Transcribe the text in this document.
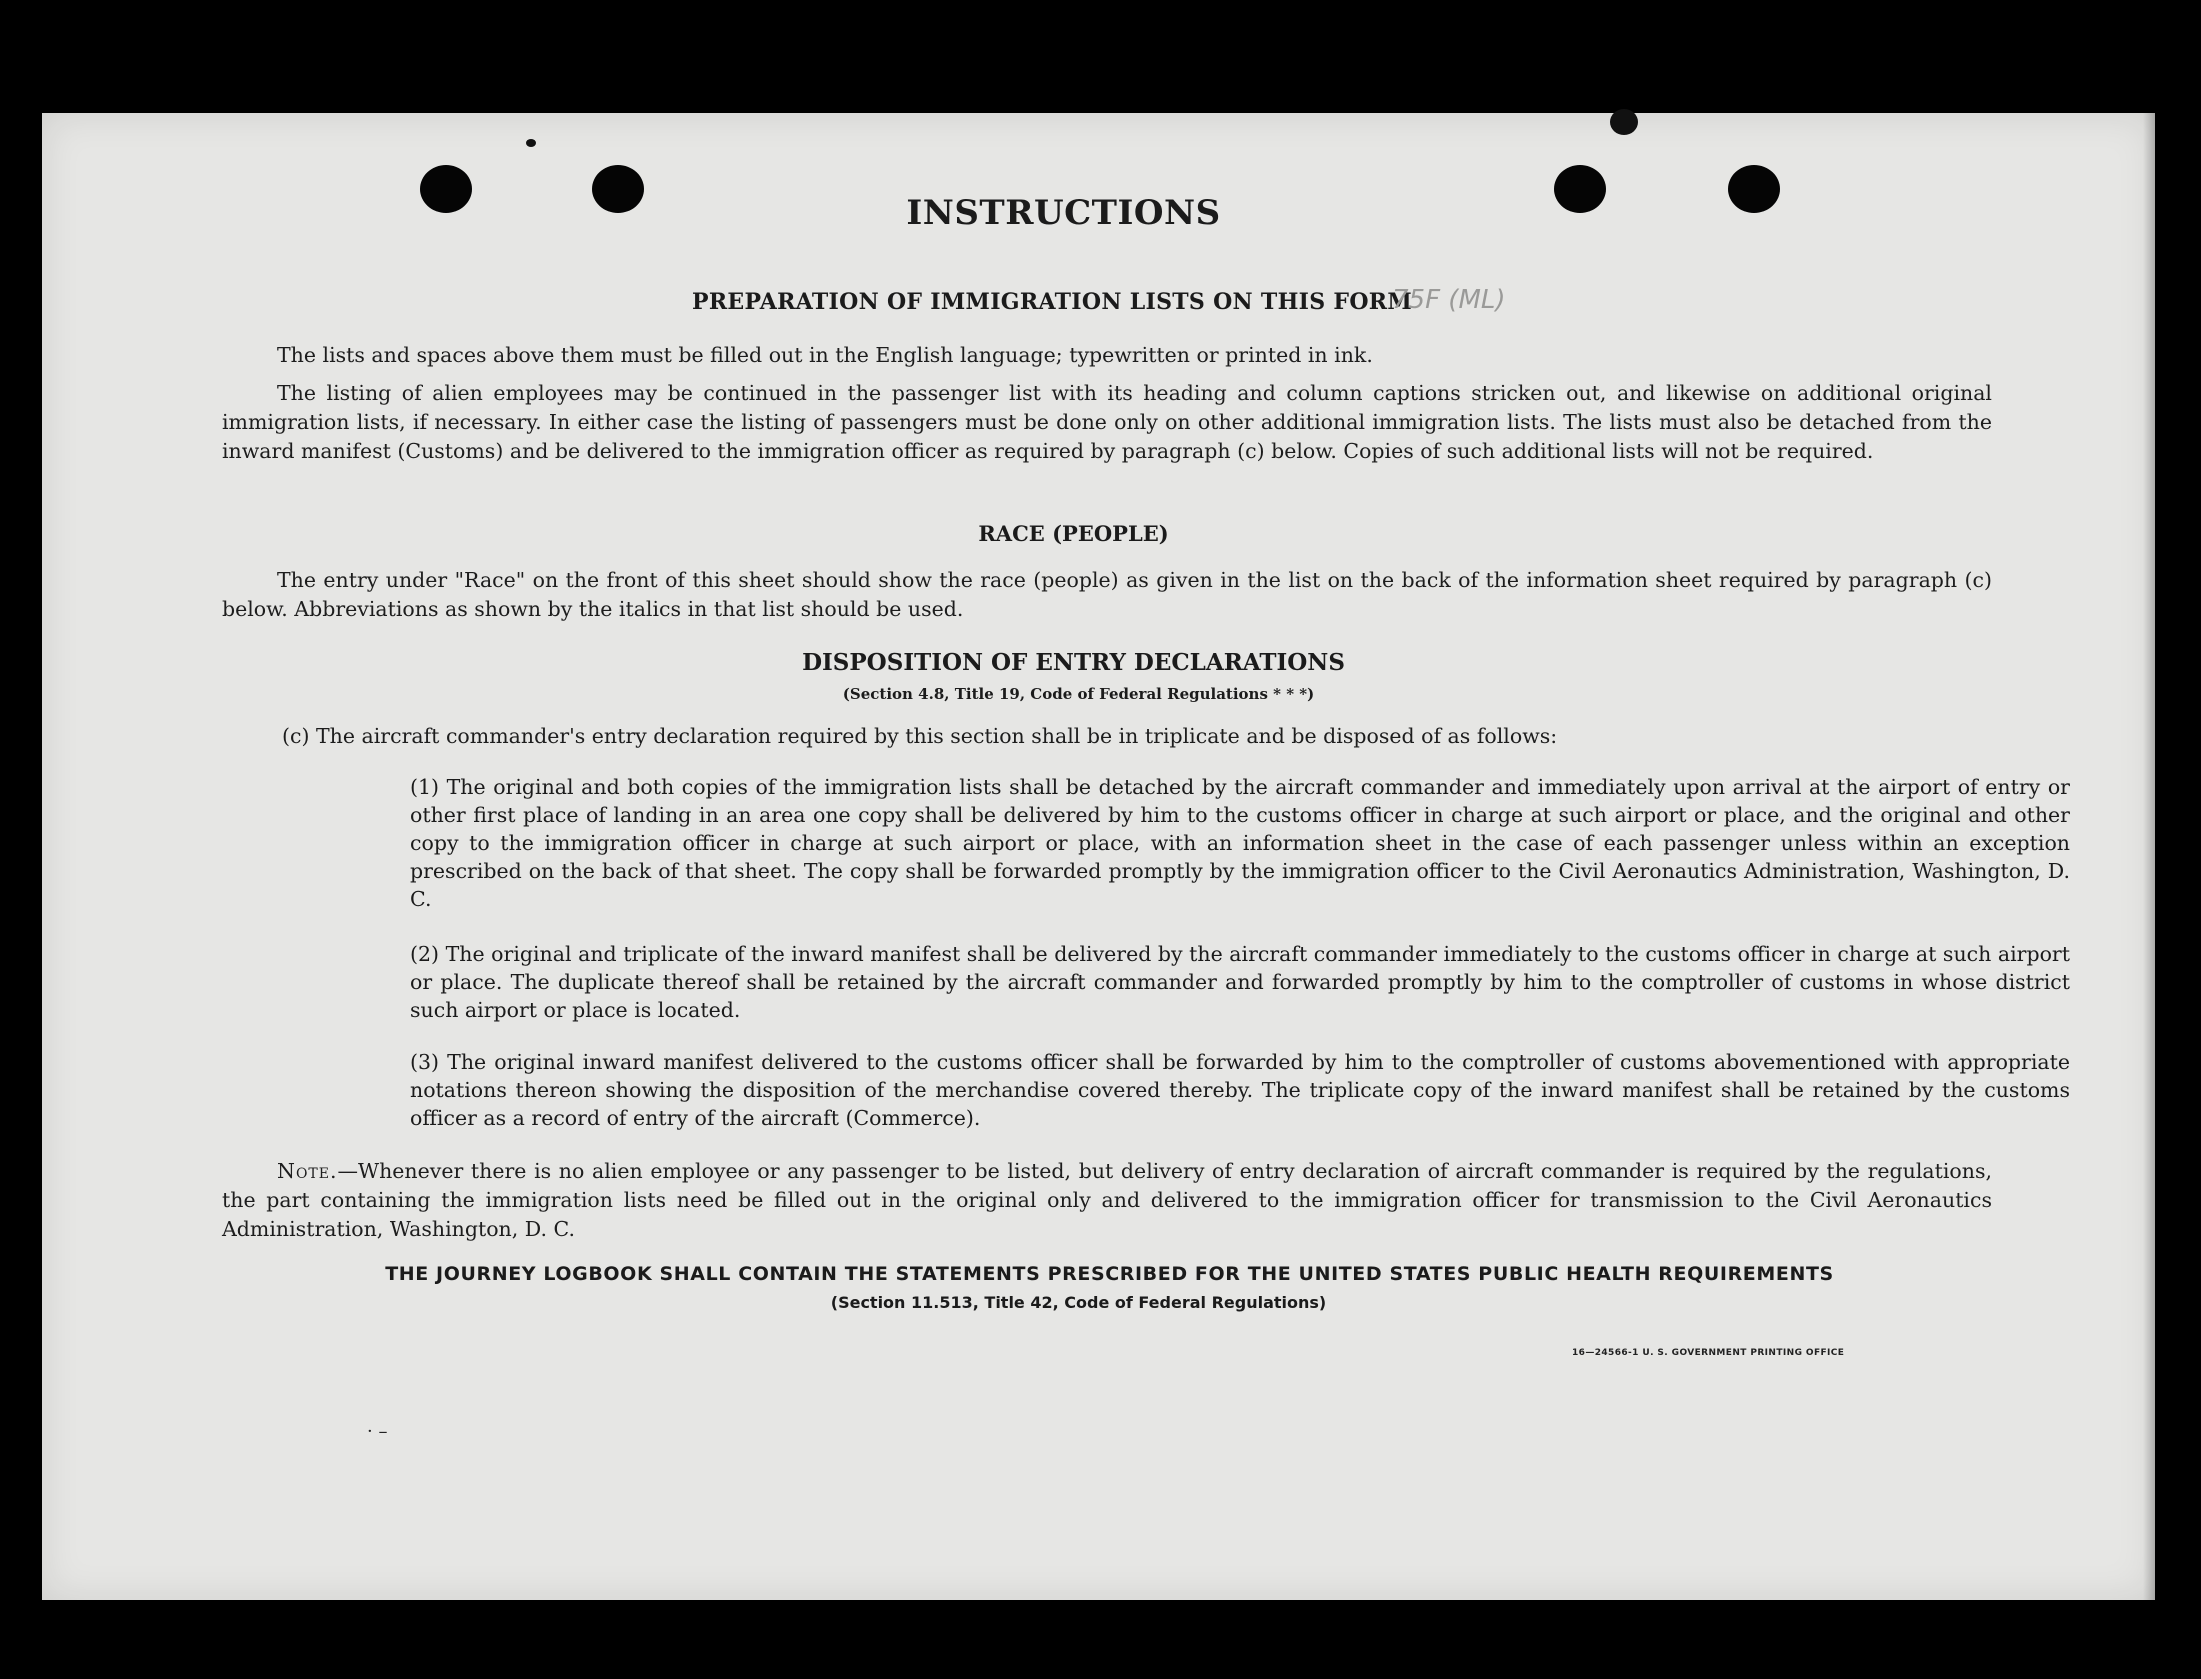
INSTRUCTIONS
PREPARATION OF IMMIGRATION LISTS ON THIS FORM
75F (ML)
The lists and spaces above them must be filled out in the English language; typewritten or printed in ink.
The listing of alien employees may be continued in the passenger list with its heading and column captions stricken out, and likewise on additional original immigration lists, if necessary. In either case the listing of passengers must be done only on other additional immigration lists. The lists must also be detached from the inward manifest (Customs) and be delivered to the immigration officer as required by paragraph (c) below. Copies of such additional lists will not be required.
RACE (PEOPLE)
The entry under "Race" on the front of this sheet should show the race (people) as given in the list on the back of the information sheet required by paragraph (c) below. Abbreviations as shown by the italics in that list should be used.
DISPOSITION OF ENTRY DECLARATIONS
(Section 4.8, Title 19, Code of Federal Regulations * * *)
(c) The aircraft commander's entry declaration required by this section shall be in triplicate and be disposed of as follows:
(1) The original and both copies of the immigration lists shall be detached by the aircraft commander and immediately upon arrival at the airport of entry or other first place of landing in an area one copy shall be delivered by him to the customs officer in charge at such airport or place, and the original and other copy to the immigration officer in charge at such airport or place, with an information sheet in the case of each passenger unless within an exception prescribed on the back of that sheet. The copy shall be forwarded promptly by the immigration officer to the Civil Aeronautics Administration, Washington, D. C.
(2) The original and triplicate of the inward manifest shall be delivered by the aircraft commander immediately to the customs officer in charge at such airport or place. The duplicate thereof shall be retained by the aircraft commander and forwarded promptly by him to the comptroller of customs in whose district such airport or place is located.
(3) The original inward manifest delivered to the customs officer shall be forwarded by him to the comptroller of customs abovementioned with appropriate notations thereon showing the disposition of the merchandise covered thereby. The triplicate copy of the inward manifest shall be retained by the customs officer as a record of entry of the aircraft (Commerce).
Note.—Whenever there is no alien employee or any passenger to be listed, but delivery of entry declaration of aircraft commander is required by the regulations, the part containing the immigration lists need be filled out in the original only and delivered to the immigration officer for transmission to the Civil Aeronautics Administration, Washington, D. C.
THE JOURNEY LOGBOOK SHALL CONTAIN THE STATEMENTS PRESCRIBED FOR THE UNITED STATES PUBLIC HEALTH REQUIREMENTS
(Section 11.513, Title 42, Code of Federal Regulations)
16—24566-1 U. S. GOVERNMENT PRINTING OFFICE
· –
